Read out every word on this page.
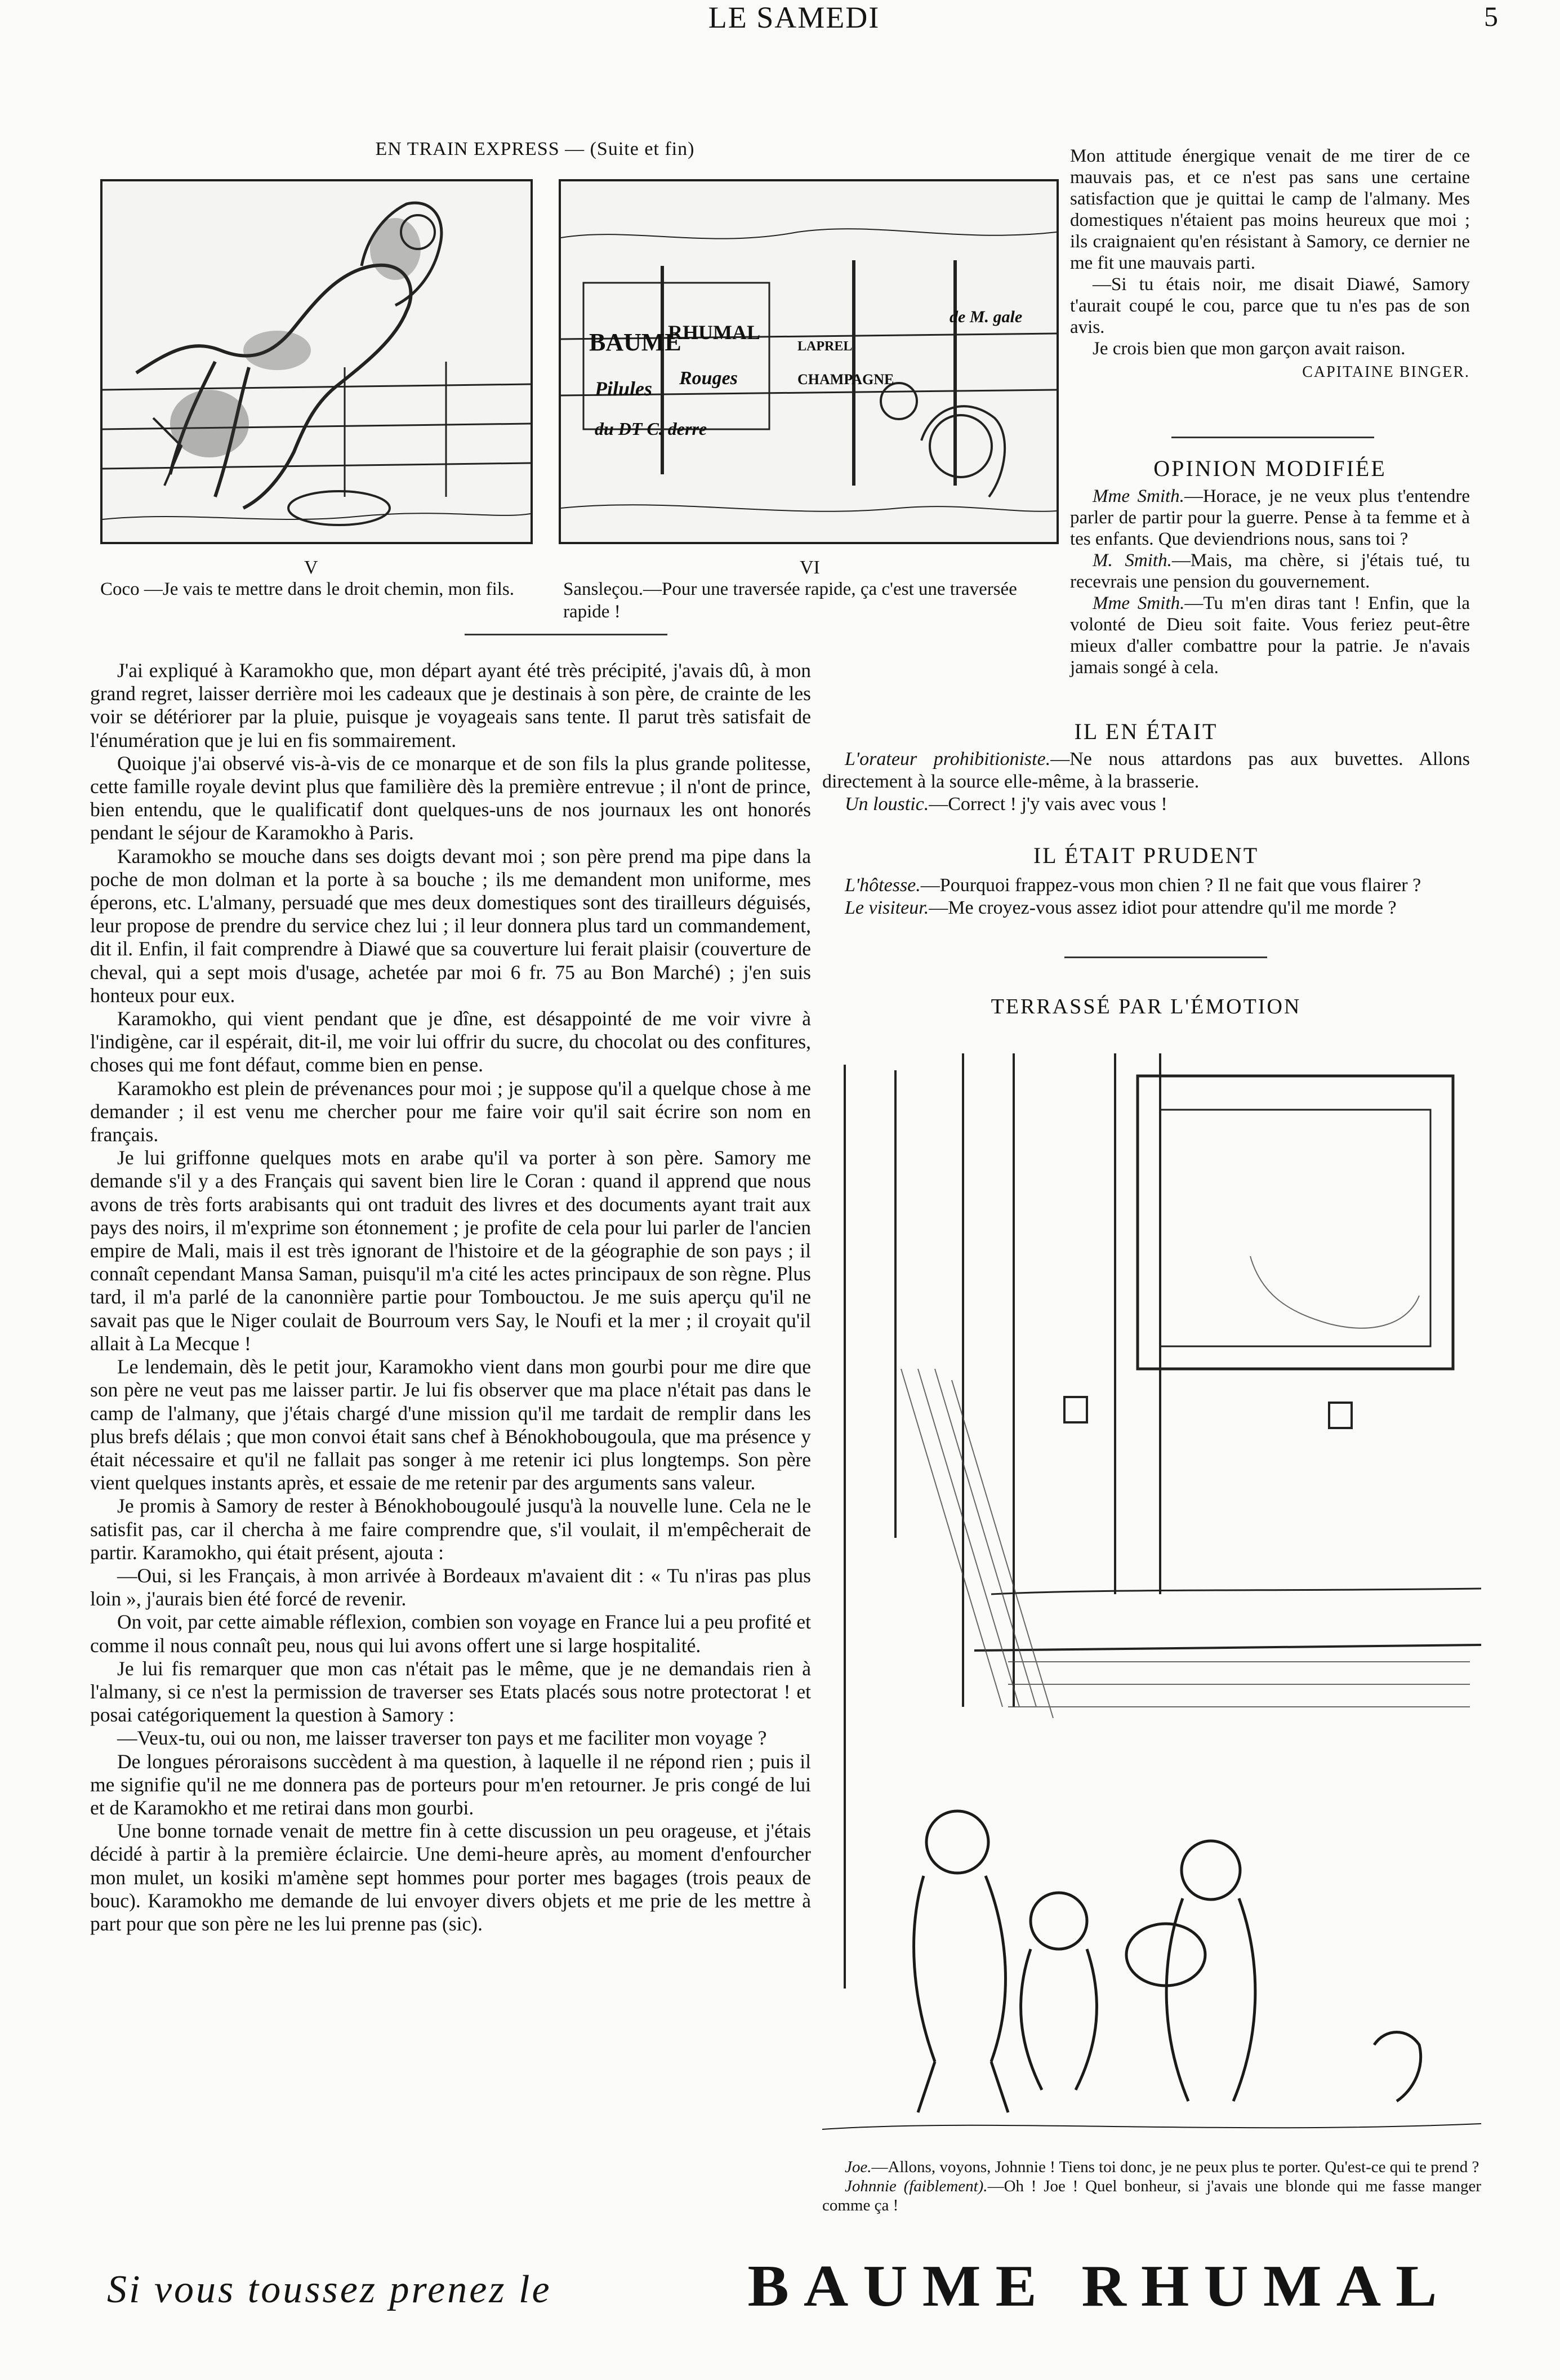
LE SAMEDI	5
EN TRAIN EXPRESS — (Suite et fin)
BAUME
RHUMAL
Pilules Rouges
LAPREL
CHAMPAGNE
de M. gale
du DT C. derre
V
Coco —Je vais te mettre dans le droit chemin, mon fils.
VI
Sansleçou.—Pour une traversée rapide, ça c'est une traversée rapide !

J'ai expliqué à Karamokho que, mon départ ayant été très précipité, j'avais dû, à mon grand regret, laisser derrière moi les cadeaux que je destinais à son père, de crainte de les voir se détériorer par la pluie, puisque je voyageais sans tente. Il parut très satisfait de l'énumération que je lui en fis sommairement.

Quoique j'ai observé vis-à-vis de ce monarque et de son fils la plus grande politesse, cette famille royale devint plus que familière dès la première entrevue ; il n'ont de prince, bien entendu, que le qualificatif dont quelques-uns de nos journaux les ont honorés pendant le séjour de Karamokho à Paris.

Karamokho se mouche dans ses doigts devant moi ; son père prend ma pipe dans la poche de mon dolman et la porte à sa bouche ; ils me demandent mon uniforme, mes éperons, etc. L'almany, persuadé que mes deux domestiques sont des tirailleurs déguisés, leur propose de prendre du service chez lui ; il leur donnera plus tard un commandement, dit il. Enfin, il fait comprendre à Diawé que sa couverture lui ferait plaisir (couverture de cheval, qui a sept mois d'usage, achetée par moi 6 fr. 75 au Bon Marché) ; j'en suis honteux pour eux.

Karamokho, qui vient pendant que je dîne, est désappointé de me voir vivre à l'indigène, car il espérait, dit-il, me voir lui offrir du sucre, du chocolat ou des confitures, choses qui me font défaut, comme bien en pense.

Karamokho est plein de prévenances pour moi ; je suppose qu'il a quelque chose à me demander ; il est venu me chercher pour me faire voir qu'il sait écrire son nom en français.

Je lui griffonne quelques mots en arabe qu'il va porter à son père. Samory me demande s'il y a des Français qui savent bien lire le Coran : quand il apprend que nous avons de très forts arabisants qui ont traduit des livres et des documents ayant trait aux pays des noirs, il m'exprime son étonnement ; je profite de cela pour lui parler de l'ancien empire de Mali, mais il est très ignorant de l'histoire et de la géographie de son pays ; il connaît cependant Mansa Saman, puisqu'il m'a cité les actes principaux de son règne. Plus tard, il m'a parlé de la canonnière partie pour Tombouctou. Je me suis aperçu qu'il ne savait pas que le Niger coulait de Bourroum vers Say, le Noufi et la mer ; il croyait qu'il allait à La Mecque !

Le lendemain, dès le petit jour, Karamokho vient dans mon gourbi pour me dire que son père ne veut pas me laisser partir. Je lui fis observer que ma place n'était pas dans le camp de l'almany, que j'étais chargé d'une mission qu'il me tardait de remplir dans les plus brefs délais ; que mon convoi était sans chef à Bénokhobougoula, que ma présence y était nécessaire et qu'il ne fallait pas songer à me retenir ici plus longtemps. Son père vient quelques instants après, et essaie de me retenir par des arguments sans valeur.

Je promis à Samory de rester à Bénokhobougoulé jusqu'à la nouvelle lune. Cela ne le satisfit pas, car il chercha à me faire comprendre que, s'il voulait, il m'empêcherait de partir. Karamokho, qui était présent, ajouta :

—Oui, si les Français, à mon arrivée à Bordeaux m'avaient dit : « Tu n'iras pas plus loin », j'aurais bien été forcé de revenir.

On voit, par cette aimable réflexion, combien son voyage en France lui a peu profité et comme il nous connaît peu, nous qui lui avons offert une si large hospitalité.

Je lui fis remarquer que mon cas n'était pas le même, que je ne demandais rien à l'almany, si ce n'est la permission de traverser ses Etats placés sous notre protectorat ! et posai catégoriquement la question à Samory :

—Veux-tu, oui ou non, me laisser traverser ton pays et me faciliter mon voyage ?

De longues péroraisons succèdent à ma question, à laquelle il ne répond rien ; puis il me signifie qu'il ne me donnera pas de porteurs pour m'en retourner. Je pris congé de lui et de Karamokho et me retirai dans mon gourbi.

Une bonne tornade venait de mettre fin à cette discussion un peu orageuse, et j'étais décidé à partir à la première éclaircie. Une demi-heure après, au moment d'enfourcher mon mulet, un kosiki m'amène sept hommes pour porter mes bagages (trois peaux de bouc). Karamokho me demande de lui envoyer divers objets et me prie de les mettre à part pour que son père ne les lui prenne pas (sic).

Mon attitude énergique venait de me tirer de ce mauvais pas, et ce n'est pas sans une certaine satisfaction que je quittai le camp de l'almany. Mes domestiques n'étaient pas moins heureux que moi ; ils craignaient qu'en résistant à Samory, ce dernier ne me fit une mauvais parti.

—Si tu étais noir, me disait Diawé, Samory t'aurait coupé le cou, parce que tu n'es pas de son avis.

Je crois bien que mon garçon avait raison.

CAPITAINE BINGER.

OPINION MODIFIÉE

Mme Smith.—Horace, je ne veux plus t'entendre parler de partir pour la guerre. Pense à ta femme et à tes enfants. Que deviendrions nous, sans toi ?

M. Smith.—Mais, ma chère, si j'étais tué, tu recevrais une pension du gouvernement.

Mme Smith.—Tu m'en diras tant ! Enfin, que la volonté de Dieu soit faite. Vous feriez peut-être mieux d'aller combattre pour la patrie. Je n'avais jamais songé à cela.

IL EN ÉTAIT

L'orateur prohibitioniste.—Ne nous attardons pas aux buvettes. Allons directement à la source elle-même, à la brasserie.

Un loustic.—Correct ! j'y vais avec vous !

IL ÉTAIT PRUDENT

L'hôtesse.—Pourquoi frappez-vous mon chien ? Il ne fait que vous flairer ?

Le visiteur.—Me croyez-vous assez idiot pour attendre qu'il me morde ?

TERRASSÉ PAR L'ÉMOTION
Joe.—Allons, voyons, Johnnie ! Tiens toi donc, je ne peux plus te porter. Qu'est-ce qui te prend ?
Johnnie (faiblement).—Oh ! Joe ! Quel bonheur, si j'avais une blonde qui me fasse manger comme ça !
Si vous toussez prenez le	BAUME RHUMAL
